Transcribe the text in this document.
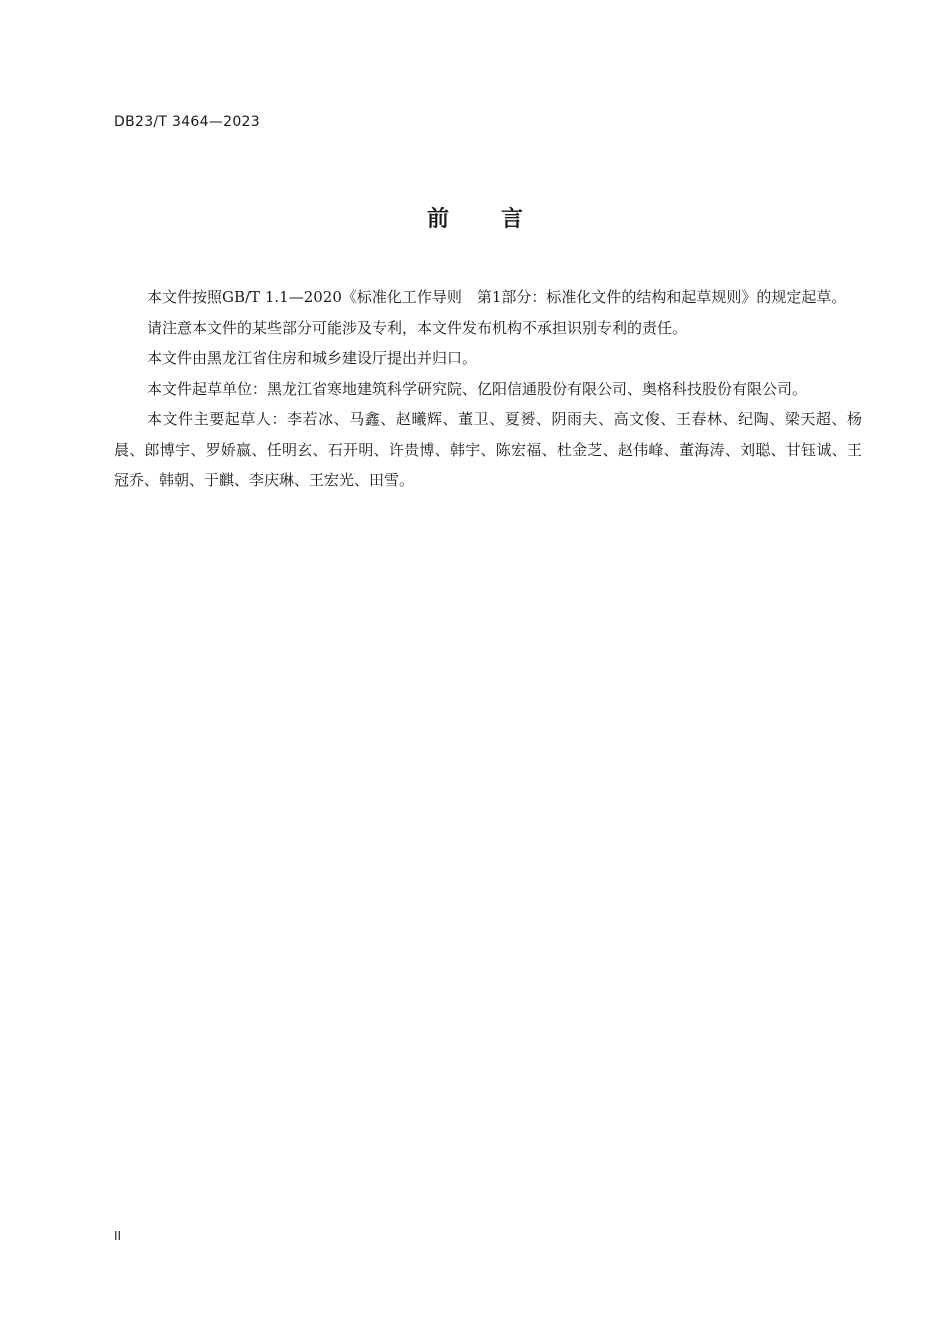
DB23/T 3464—2023
前 言

本文件按照GB/T 1.1—2020《标准化工作导则　第1部分：标准化文件的结构和起草规则》的规定起草。

请注意本文件的某些部分可能涉及专利，本文件发布机构不承担识别专利的责任。

本文件由黑龙江省住房和城乡建设厅提出并归口。

本文件起草单位：黑龙江省寒地建筑科学研究院、亿阳信通股份有限公司、奥格科技股份有限公司。

本文件主要起草人：李若冰、马鑫、赵曦辉、董卫、夏赟、阴雨夫、高文俊、王春林、纪陶、梁天超、杨晨、郎博宇、罗娇嬴、任明玄、石开明、许贵博、韩宇、陈宏福、杜金芝、赵伟峰、董海涛、刘聪、甘钰诚、王冠乔、韩朝、于麒、李庆琳、王宏光、田雪。

II
